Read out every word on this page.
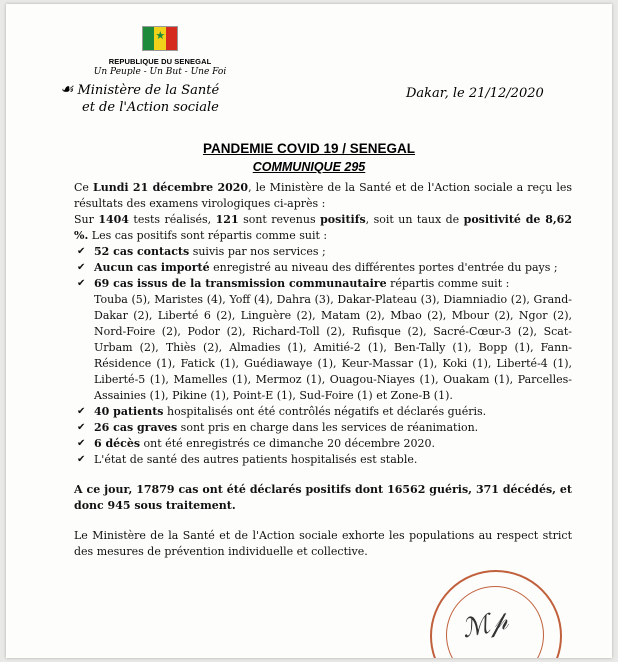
★
REPUBLIQUE DU SENEGAL
Un Peuple - Un But - Une Foi
☙ Ministère de la Santé
et de l'Action sociale
Dakar, le 21/12/2020
PANDEMIE COVID 19 / SENEGAL
COMMUNIQUE 295

Ce Lundi 21 décembre 2020, le Ministère de la Santé et de l'Action sociale a reçu les résultats des examens virologiques ci-après :

Sur 1404 tests réalisés, 121 sont revenus positifs, soit un taux de positivité de 8,62 %. Les cas positifs sont répartis comme suit :

✔ 52 cas contacts suivis par nos services ;

✔ Aucun cas importé enregistré au niveau des différentes portes d'entrée du pays ;

✔ 69 cas issus de la transmission communautaire répartis comme suit :

Touba (5), Maristes (4), Yoff (4), Dahra (3), Dakar-Plateau (3), Diamniadio (2), Grand-Dakar (2), Liberté 6 (2), Linguère (2), Matam (2), Mbao (2), Mbour (2), Ngor (2), Nord-Foire (2), Podor (2), Richard-Toll (2), Rufisque (2), Sacré-Cœur-3 (2), Scat-Urbam (2), Thiès (2), Almadies (1), Amitié-2 (1), Ben-Tally (1), Bopp (1), Fann-Résidence (1), Fatick (1), Guédiawaye (1), Keur-Massar (1), Koki (1), Liberté-4 (1), Liberté-5 (1), Mamelles (1), Mermoz (1), Ouagou-Niayes (1), Ouakam (1), Parcelles-Assainies (1), Pikine (1), Point-E (1), Sud-Foire (1) et Zone-B (1).

✔ 40 patients hospitalisés ont été contrôlés négatifs et déclarés guéris.

✔ 26 cas graves sont pris en charge dans les services de réanimation.

✔ 6 décès ont été enregistrés ce dimanche 20 décembre 2020.

✔ L'état de santé des autres patients hospitalisés est stable.

A ce jour, 17879 cas ont été déclarés positifs dont 16562 guéris, 371 décédés, et donc 945 sous traitement.

Le Ministère de la Santé et de l'Action sociale exhorte les populations au respect strict des mesures de prévention individuelle et collective.

ℳ𝓅
